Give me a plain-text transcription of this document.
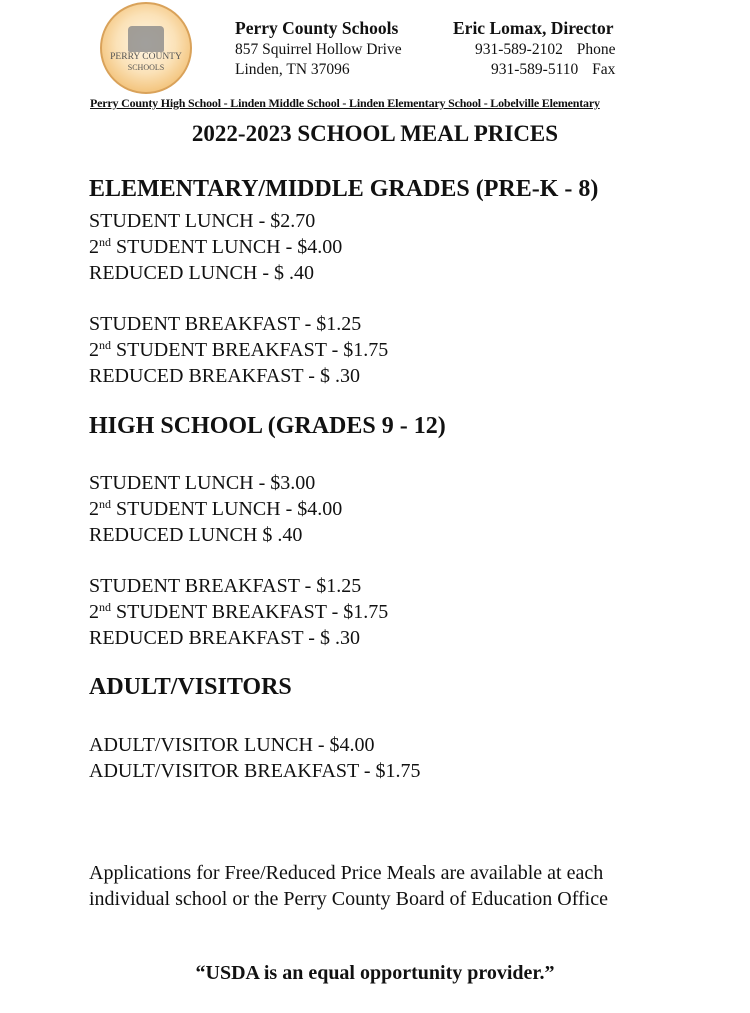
PERRY COUNTY
SCHOOLS
Perry County Schools
857 Squirrel Hollow Drive
Linden, TN 37096
Eric Lomax, Director
931-589-2102 Phone
931-589-5110 Fax
Perry County High School - Linden Middle School - Linden Elementary School - Lobelville Elementary
2022-2023 SCHOOL MEAL PRICES
ELEMENTARY/MIDDLE GRADES (PRE-K - 8)
STUDENT LUNCH - $2.70
2nd STUDENT LUNCH - $4.00
REDUCED LUNCH - $ .40
STUDENT BREAKFAST - $1.25
2nd STUDENT BREAKFAST - $1.75
REDUCED BREAKFAST - $ .30
HIGH SCHOOL (GRADES 9 - 12)
STUDENT LUNCH - $3.00
2nd STUDENT LUNCH - $4.00
REDUCED LUNCH $ .40
STUDENT BREAKFAST - $1.25
2nd STUDENT BREAKFAST - $1.75
REDUCED BREAKFAST - $ .30
ADULT/VISITORS
ADULT/VISITOR LUNCH - $4.00
ADULT/VISITOR BREAKFAST - $1.75
Applications for Free/Reduced Price Meals are available at each individual school or the Perry County Board of Education Office
“USDA is an equal opportunity provider.”
